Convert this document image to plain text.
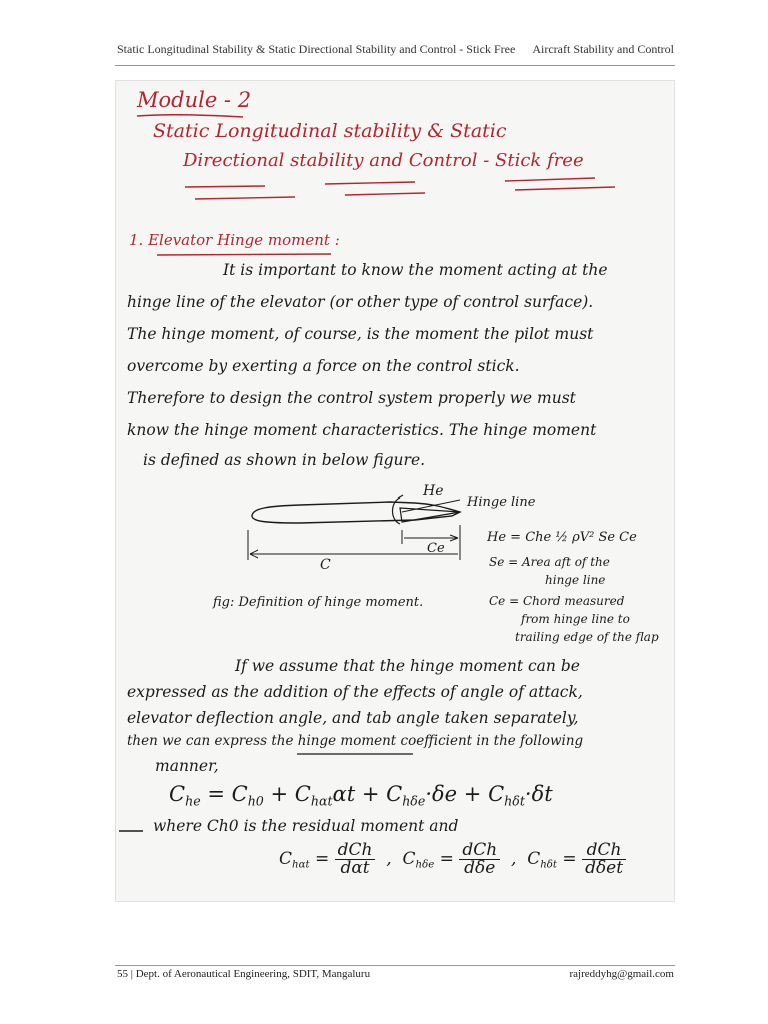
Static Longitudinal Stability & Static Directional Stability and Control - Stick Free Aircraft Stability and Control
Module - 2
Static Longitudinal stability & Static
Directional stability and Control - Stick free
1. Elevator Hinge moment :
It is important to know the moment acting at the
hinge line of the elevator (or other type of control surface).
The hinge moment, of course, is the moment the pilot must
overcome by exerting a force on the control stick.
Therefore to design the control system properly we must
know the hinge moment characteristics. The hinge moment
is defined as shown in below figure.
He
Hinge line
C
Ce
fig: Definition of hinge moment.
He = Che ½ ρV² Se Ce
Se = Area aft of the
hinge line
Ce = Chord measured
from hinge line to
trailing edge of the flap
If we assume that the hinge moment can be
expressed as the addition of the effects of angle of attack,
elevator deflection angle, and tab angle taken separately,
then we can express the hinge moment coefficient in the following
manner,
$C_{he} = C_{h0} + C_{h\alpha t}\alpha t + C_{h\delta e}\cdot\delta e + C_{h\delta t}\cdot\delta t$
where Ch0 is the residual moment and
$C_{h\alpha t} = \frac{\text{dCh}}{\text{dαt}}$ ,  $C_{h\delta e} = \frac{\text{dCh}}{\text{dδe}}$ ,  $C_{h\delta t} = \frac{\text{dCh}}{\text{dδet}}$
55 | Dept. of Aeronautical Engineering, SDIT, Mangaluru	rajreddyhg@gmail.com
